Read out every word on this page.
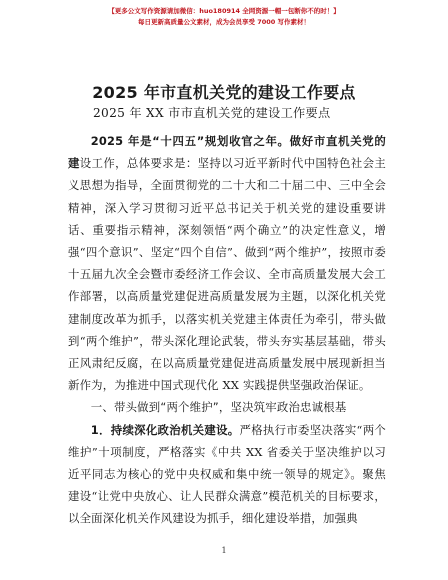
【更多公文写作资源请加微信：huo180914 全网资源一帽一包断你不的时！】
每日更新高质量公文素材，成为会员享受 7000 写作素材！
2025 年市直机关党的建设工作要点
2025 年 XX 市市直机关党的建设工作要点

2025 年是“十四五”规划收官之年。做好市直机关党的建设工作，总体要求是：坚持以习近平新时代中国特色社会主义思想为指导，全面贯彻党的二十大和二十届二中、三中全会精神，深入学习贯彻习近平总书记关于机关党的建设重要讲话、重要指示精神，深刻领悟“两个确立”的决定性意义，增强“四个意识”、坚定“四个自信”、做到“两个维护”，按照市委十五届九次全会暨市委经济工作会议、全市高质量发展大会工作部署，以高质量党建促进高质量发展为主题，以深化机关党建制度改革为抓手，以落实机关党建主体责任为牵引，带头做到“两个维护”，带头深化理论武装，带头夯实基层基础，带头正风肃纪反腐，在以高质量党建促进高质量发展中展现新担当新作为，为推进中国式现代化 XX 实践提供坚强政治保证。

一、带头做到“两个维护”，坚决筑牢政治忠诚根基

1．持续深化政治机关建设。严格执行市委坚决落实“两个维护”十项制度，严格落实《中共 XX 省委关于坚决维护以习近平同志为核心的党中央权威和集中统一领导的规定》。聚焦建设“让党中央放心、让人民群众满意”模范机关的目标要求，以全面深化机关作风建设为抓手，细化建设举措，加强典

1
